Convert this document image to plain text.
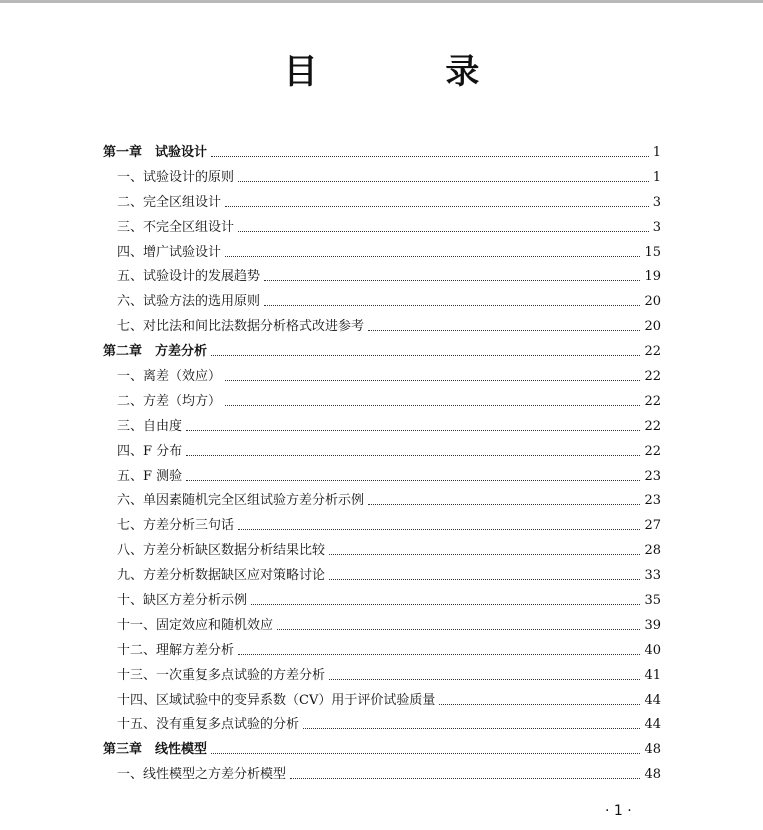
目 录
第一章　试验设计	1
一、试验设计的原则	1
二、完全区组设计	3
三、不完全区组设计	3
四、增广试验设计	15
五、试验设计的发展趋势	19
六、试验方法的选用原则	20
七、对比法和间比法数据分析格式改进参考	20
第二章　方差分析	22
一、离差（效应）	22
二、方差（均方）	22
三、自由度	22
四、F 分布	22
五、F 测验	23
六、单因素随机完全区组试验方差分析示例	23
七、方差分析三句话	27
八、方差分析缺区数据分析结果比较	28
九、方差分析数据缺区应对策略讨论	33
十、缺区方差分析示例	35
十一、固定效应和随机效应	39
十二、理解方差分析	40
十三、一次重复多点试验的方差分析	41
十四、区域试验中的变异系数（CV）用于评价试验质量	44
十五、没有重复多点试验的分析	44
第三章　线性模型	48
一、线性模型之方差分析模型	48
· 1 ·
